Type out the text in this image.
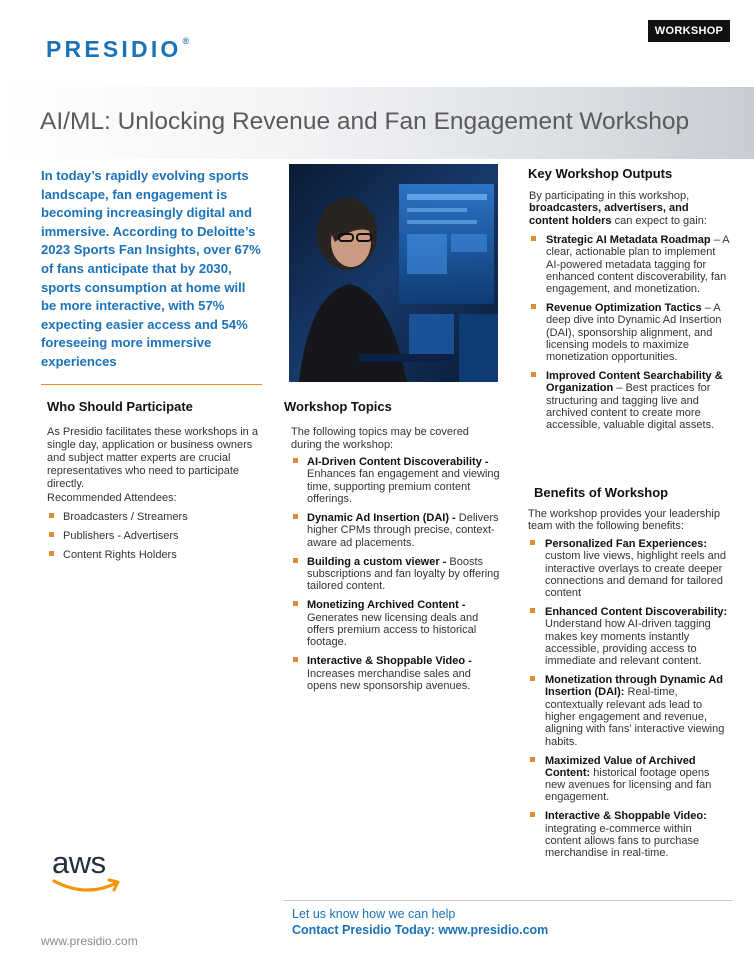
PRESIDIO®
WORKSHOP
AI/ML: Unlocking Revenue and Fan Engagement Workshop
In today’s rapidly evolving sports landscape, fan engagement is becoming increasingly digital and immersive. According to Deloitte’s 2023 Sports Fan Insights, over 67% of fans anticipate that by 2030, sports consumption at home will be more interactive, with 57% expecting easier access and 54% foreseeing more immersive experiences
Who Should Participate

As Presidio facilitates these workshops in a single day, application or business owners and subject matter experts are crucial representatives who need to participate directly.

Recommended Attendees:

Broadcasters / Streamers
Publishers - Advertisers
Content Rights Holders
Workshop Topics

The following topics may be covered during the workshop:

AI-Driven Content Discoverability - Enhances fan engagement and viewing time, supporting premium content offerings.
Dynamic Ad Insertion (DAI) - Delivers higher CPMs through precise, context-aware ad placements.
Building a custom viewer - Boosts subscriptions and fan loyalty by offering tailored content.
Monetizing Archived Content - Generates new licensing deals and offers premium access to historical footage.
Interactive & Shoppable Video - Increases merchandise sales and opens new sponsorship avenues.
Key Workshop Outputs

By participating in this workshop, broadcasters, advertisers, and content holders can expect to gain:

Strategic AI Metadata Roadmap – A clear, actionable plan to implement AI-powered metadata tagging for enhanced content discoverability, fan engagement, and monetization.
Revenue Optimization Tactics – A deep dive into Dynamic Ad Insertion (DAI), sponsorship alignment, and licensing models to maximize monetization opportunities.
Improved Content Searchability & Organization – Best practices for structuring and tagging live and archived content to create more accessible, valuable digital assets.
Benefits of Workshop

The workshop provides your leadership team with the following benefits:

Personalized Fan Experiences: custom live views, highlight reels and interactive overlays to create deeper connections and demand for tailored content
Enhanced Content Discoverability: Understand how AI-driven tagging makes key moments instantly accessible, providing access to immediate and relevant content.
Monetization through Dynamic Ad Insertion (DAI): Real-time, contextually relevant ads lead to higher engagement and revenue, aligning with fans’ interactive viewing habits.
Maximized Value of Archived Content: historical footage opens new avenues for licensing and fan engagement.
Interactive & Shoppable Video: integrating e-commerce within content allows fans to purchase merchandise in real-time.
aws
Let us know how we can help
Contact Presidio Today: www.presidio.com
www.presidio.com
